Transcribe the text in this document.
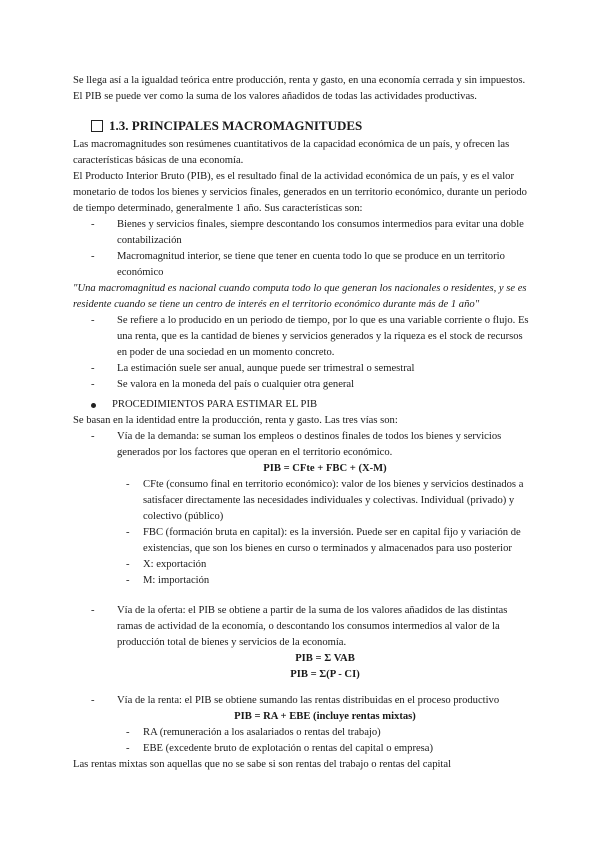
Se llega así a la igualdad teórica entre producción, renta y gasto, en una economía cerrada y sin impuestos. El PIB se puede ver como la suma de los valores añadidos de todas las actividades productivas.

1.3. PRINCIPALES MACROMAGNITUDES

Las macromagnitudes son resúmenes cuantitativos de la capacidad económica de un país, y ofrecen las características básicas de una economía.

El Producto Interior Bruto (PIB), es el resultado final de la actividad económica de un país, y es el valor monetario de todos los bienes y servicios finales, generados en un territorio económico, durante un periodo de tiempo determinado, generalmente 1 año. Sus características son:

- Bienes y servicios finales, siempre descontando los consumos intermedios para evitar una doble contabilización
- Macromagnitud interior, se tiene que tener en cuenta todo lo que se produce en un territorio económico

"Una macromagnitud es nacional cuando computa todo lo que generan los nacionales o residentes, y se es residente cuando se tiene un centro de interés en el territorio económico durante más de 1 año"

- Se refiere a lo producido en un periodo de tiempo, por lo que es una variable corriente o flujo. Es una renta, que es la cantidad de bienes y servicios generados y la riqueza es el stock de recursos en poder de una sociedad en un momento concreto.
- La estimación suele ser anual, aunque puede ser trimestral o semestral
- Se valora en la moneda del país o cualquier otra general
PROCEDIMIENTOS PARA ESTIMAR EL PIB

Se basan en la identidad entre la producción, renta y gasto. Las tres vías son:

- Vía de la demanda: se suman los empleos o destinos finales de todos los bienes y servicios generados por los factores que operan en el territorio económico.
PIB = CFte + FBC + (X-M)
- CFte (consumo final en territorio económico): valor de los bienes y servicios destinados a satisfacer directamente las necesidades individuales y colectivas. Individual (privado) y colectivo (público)
- FBC (formación bruta en capital): es la inversión. Puede ser en capital fijo y variación de existencias, que son los bienes en curso o terminados y almacenados para uso posterior
- X: exportación
- M: importación
- Vía de la oferta: el PIB se obtiene a partir de la suma de los valores añadidos de las distintas ramas de actividad de la economía, o descontando los consumos intermedios al valor de la producción total de bienes y servicios de la economía.
PIB = Σ VAB
PIB = Σ(P - CI)
- Vía de la renta: el PIB se obtiene sumando las rentas distribuidas en el proceso productivo
PIB = RA + EBE (incluye rentas mixtas)
- RA (remuneración a los asalariados o rentas del trabajo)
- EBE (excedente bruto de explotación o rentas del capital o empresa)

Las rentas mixtas son aquellas que no se sabe si son rentas del trabajo o rentas del capital
